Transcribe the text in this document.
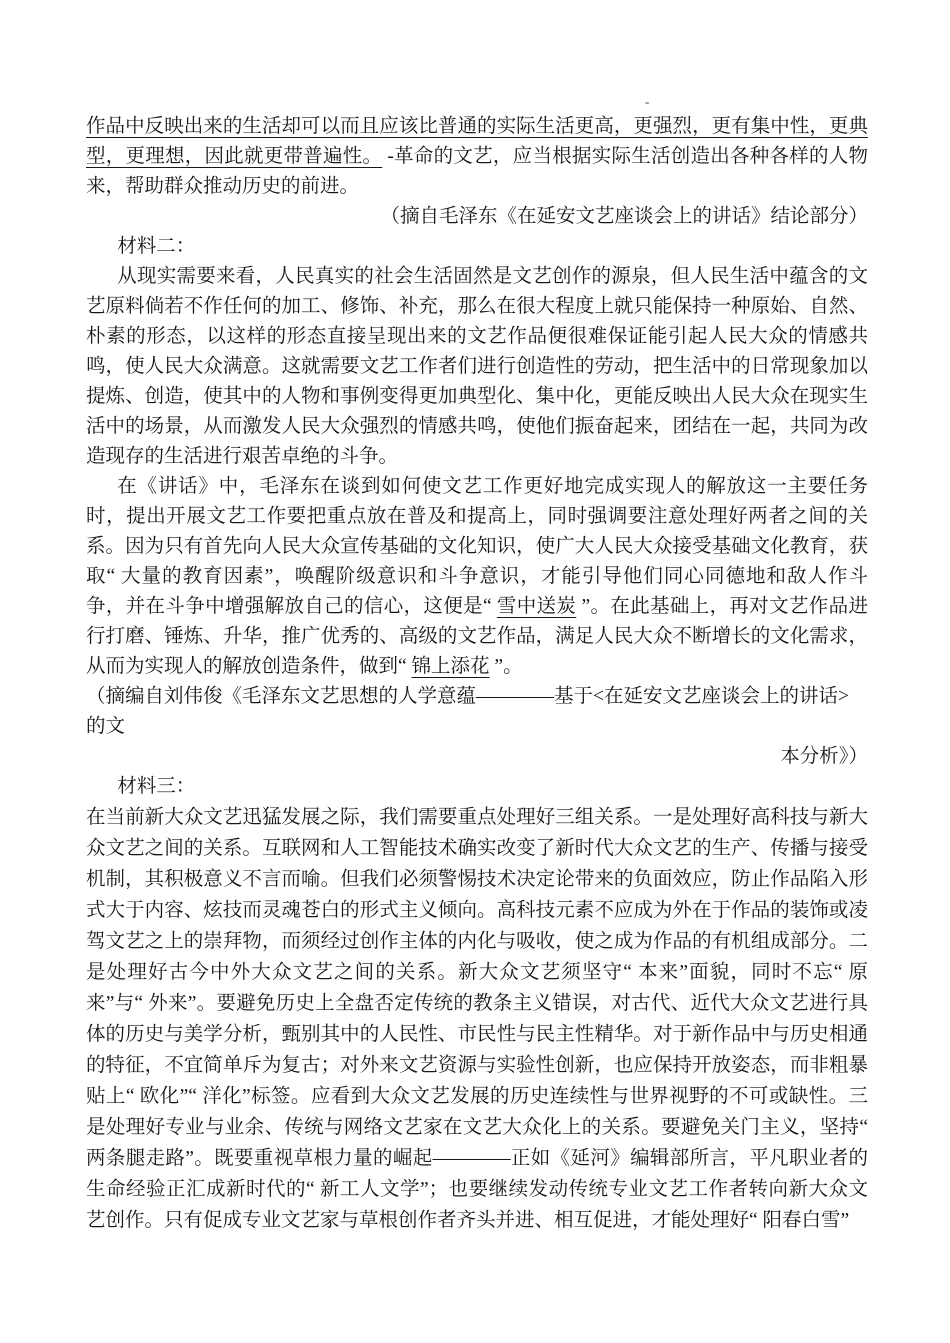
-

作品中反映出来的生活却可以而且应该比普通的实际生活更高，更强烈，更有集中性，更典型，更理想，因此就更带普遍性。 -革命的文艺，应当根据实际生活创造出各种各样的人物来，帮助群众推动历史的前进。

（摘自毛泽东《在延安文艺座谈会上的讲话》结论部分）

材料二：

从现实需要来看，人民真实的社会生活固然是文艺创作的源泉，但人民生活中蕴含的文艺原料倘若不作任何的加工、修饰、补充，那么在很大程度上就只能保持一种原始、自然、朴素的形态，以这样的形态直接呈现出来的文艺作品便很难保证能引起人民大众的情感共鸣，使人民大众满意。这就需要文艺工作者们进行创造性的劳动，把生活中的日常现象加以提炼、创造，使其中的人物和事例变得更加典型化、集中化，更能反映出人民大众在现实生活中的场景，从而激发人民大众强烈的情感共鸣，使他们振奋起来，团结在一起，共同为改造现存的生活进行艰苦卓绝的斗争。

在《讲话》中，毛泽东在谈到如何使文艺工作更好地完成实现人的解放这一主要任务时，提出开展文艺工作要把重点放在普及和提高上，同时强调要注意处理好两者之间的关系。因为只有首先向人民大众宣传基础的文化知识，使广大人民大众接受基础文化教育，获取“ 大量的教育因素”，唤醒阶级意识和斗争意识，才能引导他们同心同德地和敌人作斗争，并在斗争中增强解放自己的信心，这便是“ 雪中送炭 ”。在此基础上，再对文艺作品进行打磨、锤炼、升华，推广优秀的、高级的文艺作品，满足人民大众不断增长的文化需求，从而为实现人的解放创造条件，做到“ 锦上添花 ”。

（摘编自刘伟俊《毛泽东文艺思想的人学意蕴————基于<在延安文艺座谈会上的讲话>的文

本分析》）

材料三：

在当前新大众文艺迅猛发展之际，我们需要重点处理好三组关系。一是处理好高科技与新大众文艺之间的关系。互联网和人工智能技术确实改变了新时代大众文艺的生产、传播与接受机制，其积极意义不言而喻。但我们必须警惕技术决定论带来的负面效应，防止作品陷入形式大于内容、炫技而灵魂苍白的形式主义倾向。高科技元素不应成为外在于作品的装饰或凌驾文艺之上的崇拜物，而须经过创作主体的内化与吸收，使之成为作品的有机组成部分。二是处理好古今中外大众文艺之间的关系。新大众文艺须坚守“ 本来”面貌，同时不忘“ 原来”与“ 外来”。要避免历史上全盘否定传统的教条主义错误，对古代、近代大众文艺进行具体的历史与美学分析，甄别其中的人民性、市民性与民主性精华。对于新作品中与历史相通的特征，不宜简单斥为复古；对外来文艺资源与实验性创新，也应保持开放姿态，而非粗暴贴上“ 欧化”“ 洋化”标签。应看到大众文艺发展的历史连续性与世界视野的不可或缺性。三是处理好专业与业余、传统与网络文艺家在文艺大众化上的关系。要避免关门主义，坚持“ 两条腿走路”。既要重视草根力量的崛起————正如《延河》编辑部所言，平凡职业者的生命经验正汇成新时代的“ 新工人文学”；也要继续发动传统专业文艺工作者转向新大众文艺创作。只有促成专业文艺家与草根创作者齐头并进、相互促进，才能处理好“ 阳春白雪”
